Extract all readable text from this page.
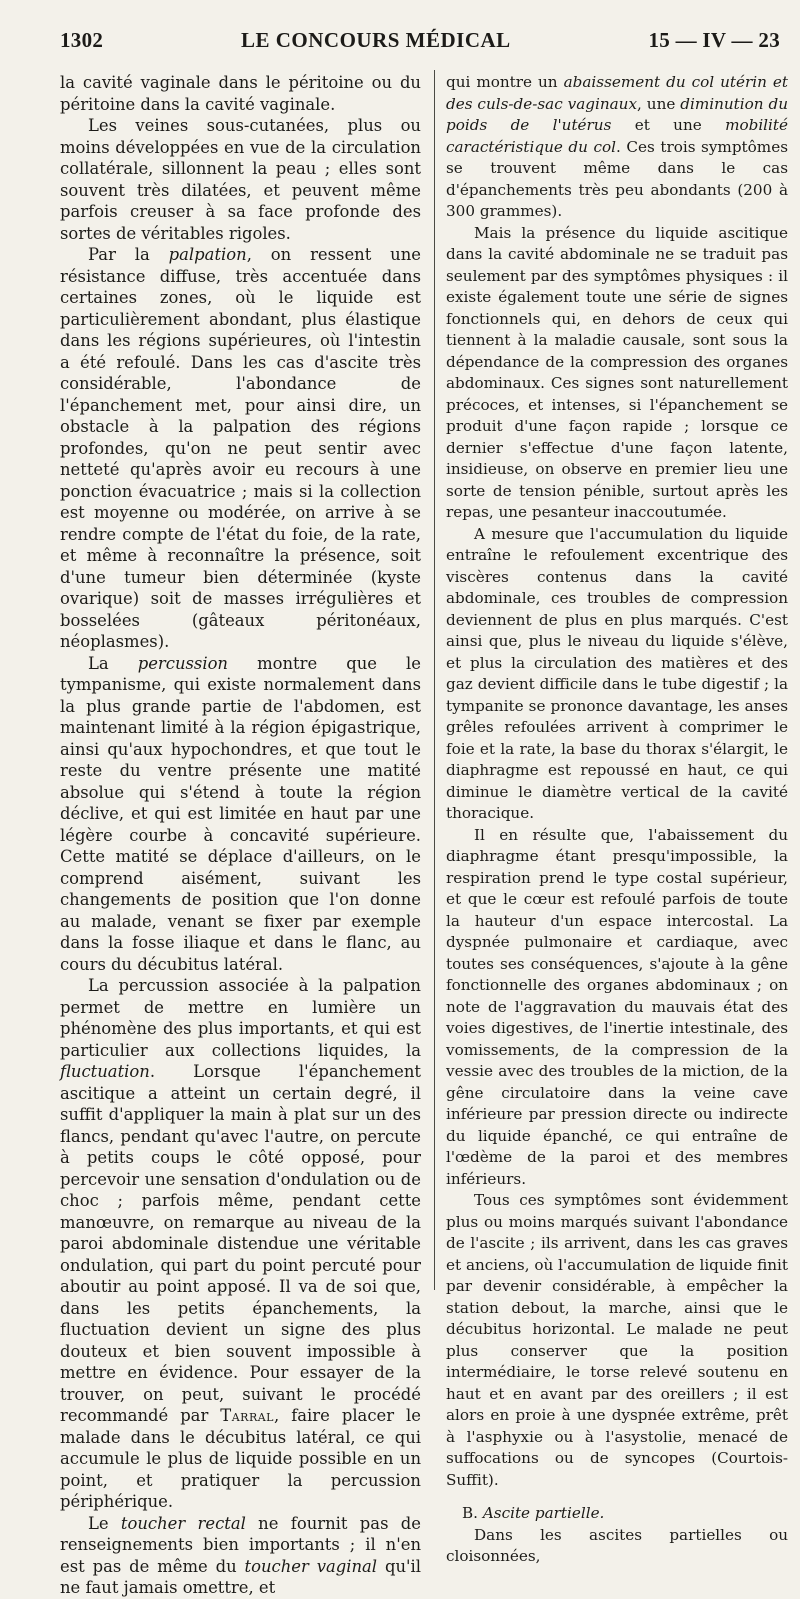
1302	LE CONCOURS MÉDICAL	15 — IV — 23

la cavité vaginale dans le péritoine ou du péritoine dans la cavité vaginale.

Les veines sous-cutanées, plus ou moins développées en vue de la circulation collatérale, sillonnent la peau ; elles sont souvent très dilatées, et peuvent même parfois creuser à sa face profonde des sortes de véritables rigoles.

Par la palpation, on ressent une résistance diffuse, très accentuée dans certaines zones, où le liquide est particulièrement abondant, plus élastique dans les régions supérieures, où l'intestin a été refoulé. Dans les cas d'ascite très considérable, l'abondance de l'épanchement met, pour ainsi dire, un obstacle à la palpation des régions profondes, qu'on ne peut sentir avec netteté qu'après avoir eu recours à une ponction évacuatrice ; mais si la collection est moyenne ou modérée, on arrive à se rendre compte de l'état du foie, de la rate, et même à reconnaître la présence, soit d'une tumeur bien déterminée (kyste ovarique) soit de masses irrégulières et bosselées (gâteaux péritonéaux, néoplasmes).

La percussion montre que le tympanisme, qui existe normalement dans la plus grande partie de l'abdomen, est maintenant limité à la région épigastrique, ainsi qu'aux hypochondres, et que tout le reste du ventre présente une matité absolue qui s'étend à toute la région déclive, et qui est limitée en haut par une légère courbe à concavité supérieure. Cette matité se déplace d'ailleurs, on le comprend aisément, suivant les changements de position que l'on donne au malade, venant se fixer par exemple dans la fosse iliaque et dans le flanc, au cours du décubitus latéral.

La percussion associée à la palpation permet de mettre en lumière un phénomène des plus importants, et qui est particulier aux collections liquides, la fluctuation. Lorsque l'épanchement ascitique a atteint un certain degré, il suffit d'appliquer la main à plat sur un des flancs, pendant qu'avec l'autre, on percute à petits coups le côté opposé, pour percevoir une sensation d'ondulation ou de choc ; parfois même, pendant cette manœuvre, on remarque au niveau de la paroi abdominale distendue une véritable ondulation, qui part du point percuté pour aboutir au point apposé. Il va de soi que, dans les petits épanchements, la fluctuation devient un signe des plus douteux et bien souvent impossible à mettre en évidence. Pour essayer de la trouver, on peut, suivant le procédé recommandé par Tarral, faire placer le malade dans le décubitus latéral, ce qui accumule le plus de liquide possible en un point, et pratiquer la percussion périphérique.

Le toucher rectal ne fournit pas de renseignements bien importants ; il n'en est pas de même du toucher vaginal qu'il ne faut jamais omettre, et

qui montre un abaissement du col utérin et des culs-de-sac vaginaux, une diminution du poids de l'utérus et une mobilité caractéristique du col. Ces trois symptômes se trouvent même dans le cas d'épanchements très peu abondants (200 à 300 grammes).

Mais la présence du liquide ascitique dans la cavité abdominale ne se traduit pas seulement par des symptômes physiques : il existe également toute une série de signes fonctionnels qui, en dehors de ceux qui tiennent à la maladie causale, sont sous la dépendance de la compression des organes abdominaux. Ces signes sont naturellement précoces, et intenses, si l'épanchement se produit d'une façon rapide ; lorsque ce dernier s'effectue d'une façon latente, insidieuse, on observe en premier lieu une sorte de tension pénible, surtout après les repas, une pesanteur inaccoutumée.

A mesure que l'accumulation du liquide entraîne le refoulement excentrique des viscères contenus dans la cavité abdominale, ces troubles de compression deviennent de plus en plus marqués. C'est ainsi que, plus le niveau du liquide s'élève, et plus la circulation des matières et des gaz devient difficile dans le tube digestif ; la tympanite se prononce davantage, les anses grêles refoulées arrivent à comprimer le foie et la rate, la base du thorax s'élargit, le diaphragme est repoussé en haut, ce qui diminue le diamètre vertical de la cavité thoracique.

Il en résulte que, l'abaissement du diaphragme étant presqu'impossible, la respiration prend le type costal supérieur, et que le cœur est refoulé parfois de toute la hauteur d'un espace intercostal. La dyspnée pulmonaire et cardiaque, avec toutes ses conséquences, s'ajoute à la gêne fonctionnelle des organes abdominaux ; on note de l'aggravation du mauvais état des voies digestives, de l'inertie intestinale, des vomissements, de la compression de la vessie avec des troubles de la miction, de la gêne circulatoire dans la veine cave inférieure par pression directe ou indirecte du liquide épanché, ce qui entraîne de l'œdème de la paroi et des membres inférieurs.

Tous ces symptômes sont évidemment plus ou moins marqués suivant l'abondance de l'ascite ; ils arrivent, dans les cas graves et anciens, où l'accumulation de liquide finit par devenir considérable, à empêcher la station debout, la marche, ainsi que le décubitus horizontal. Le malade ne peut plus conserver que la position intermédiaire, le torse relevé soutenu en haut et en avant par des oreillers ; il est alors en proie à une dyspnée extrême, prêt à l'asphyxie ou à l'asystolie, menacé de suffocations ou de syncopes (Courtois-Suffit).

B. Ascite partielle.

Dans les ascites partielles ou cloisonnées,
